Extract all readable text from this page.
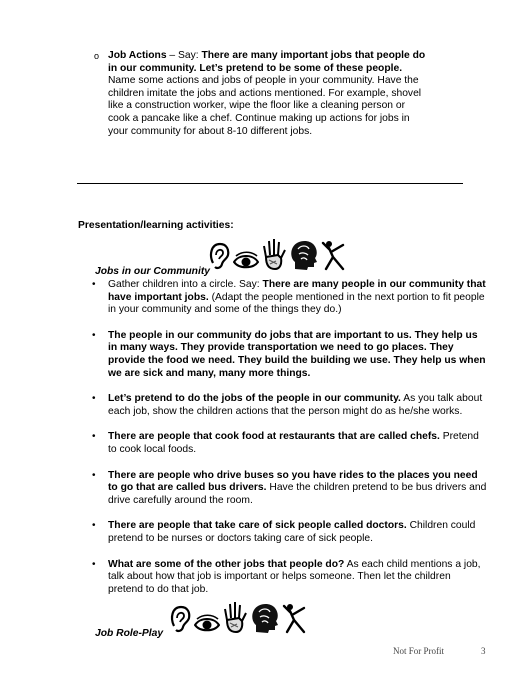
o Job Actions – Say: There are many important jobs that people do in our community. Let’s pretend to be some of these people. Name some actions and jobs of people in your community. Have the children imitate the jobs and actions mentioned. For example, shovel like a construction worker, wipe the floor like a cleaning person or cook a pancake like a chef. Continue making up actions for jobs in your community for about 8-10 different jobs.
Presentation/learning activities:
Jobs in our Community
• Gather children into a circle. Say: There are many people in our community that have important jobs. (Adapt the people mentioned in the next portion to fit people in your community and some of the things they do.)
• The people in our community do jobs that are important to us. They help us in many ways. They provide transportation we need to go places. They provide the food we need. They build the building we use. They help us when we are sick and many, many more things.
• Let’s pretend to do the jobs of the people in our community. As you talk about each job, show the children actions that the person might do as he/she works.
• There are people that cook food at restaurants that are called chefs. Pretend to cook local foods.
• There are people who drive buses so you have rides to the places you need to go that are called bus drivers. Have the children pretend to be bus drivers and drive carefully around the room.
• There are people that take care of sick people called doctors. Children could pretend to be nurses or doctors taking care of sick people.
• What are some of the other jobs that people do? As each child mentions a job, talk about how that job is important or helps someone. Then let the children pretend to do that job.
Job Role-Play
Not For Profit	3
